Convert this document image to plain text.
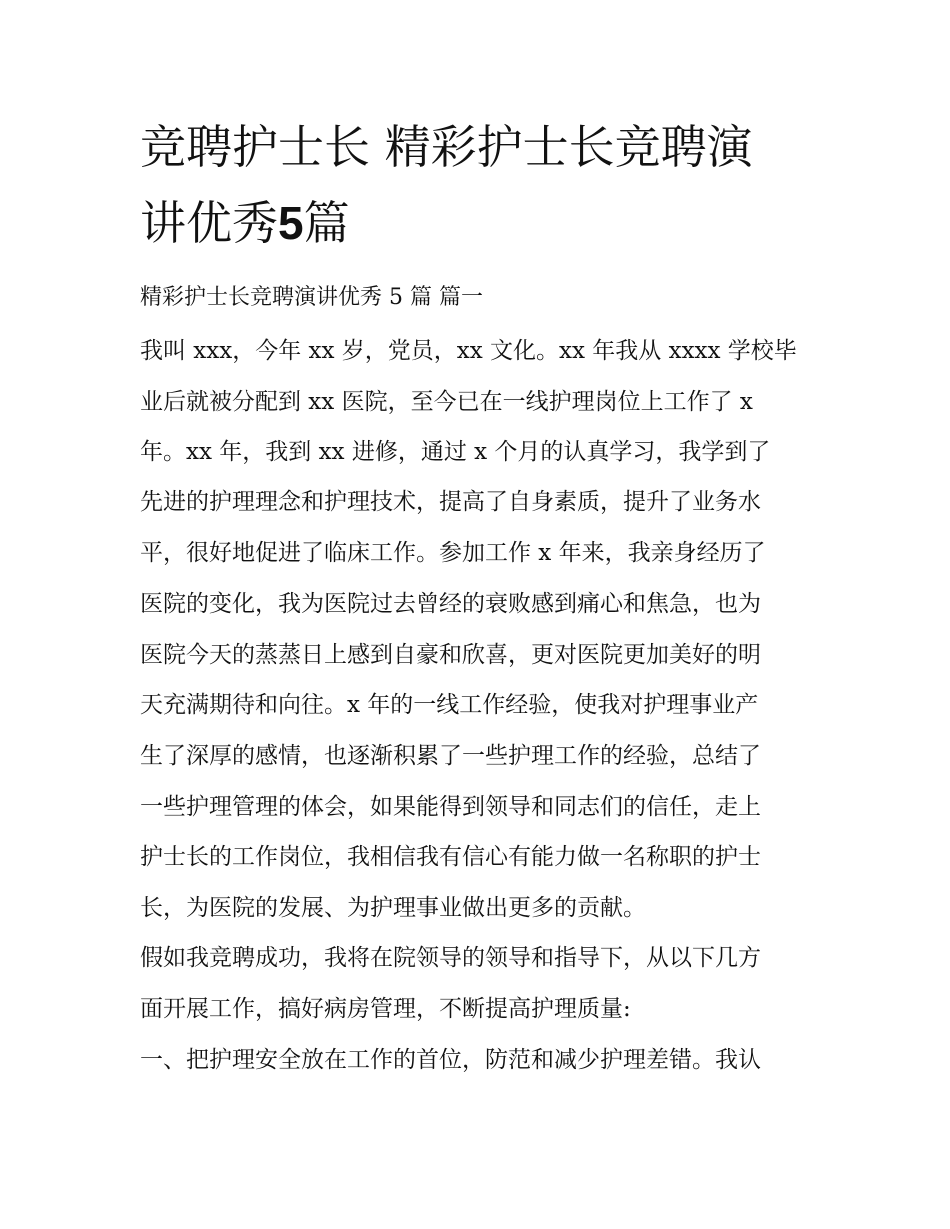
竞聘护士长 精彩护士长竞聘演
讲优秀5篇
精彩护士长竞聘演讲优秀 5 篇 篇一
我叫 xxx，今年 xx 岁，党员，xx 文化。xx 年我从 xxxx 学校毕
业后就被分配到 xx 医院，至今已在一线护理岗位上工作了 x
年。xx 年，我到 xx 进修，通过 x 个月的认真学习，我学到了
先进的护理理念和护理技术，提高了自身素质，提升了业务水
平，很好地促进了临床工作。参加工作 x 年来，我亲身经历了
医院的变化，我为医院过去曾经的衰败感到痛心和焦急，也为
医院今天的蒸蒸日上感到自豪和欣喜，更对医院更加美好的明
天充满期待和向往。x 年的一线工作经验，使我对护理事业产
生了深厚的感情，也逐渐积累了一些护理工作的经验，总结了
一些护理管理的体会，如果能得到领导和同志们的信任，走上
护士长的工作岗位，我相信我有信心有能力做一名称职的护士
长，为医院的发展、为护理事业做出更多的贡献。
假如我竞聘成功，我将在院领导的领导和指导下，从以下几方
面开展工作，搞好病房管理，不断提高护理质量:
一、把护理安全放在工作的首位，防范和减少护理差错。我认
